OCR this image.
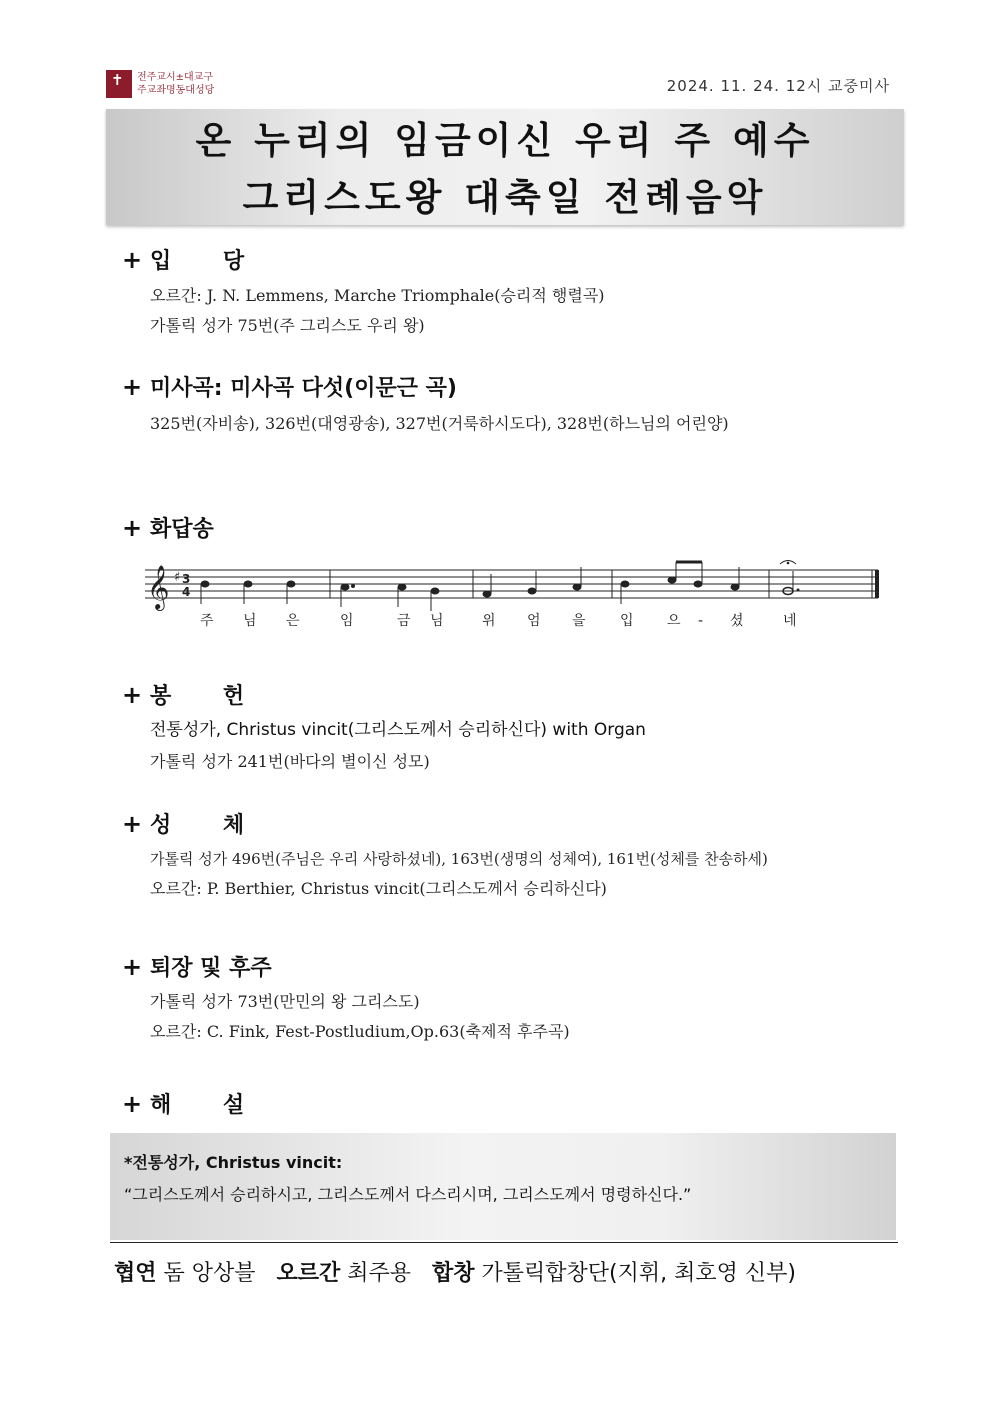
✝ 전주교시±대교구
주교좌명동대성당	2024. 11. 24. 12시 교중미사
온 누리의 임금이신 우리 주 예수
그리스도왕 대축일 전례음악
+ 입 당
오르간: J. N. Lemmens, Marche Triomphale(승리적 행렬곡)
가톨릭 성가 75번(주 그리스도 우리 왕)
+ 미사곡: 미사곡 다섯(이문근 곡)
325번(자비송), 326번(대영광송), 327번(거룩하시도다), 328번(하느님의 어린양)
+ 화답송
𝄞 ♯ 3
4
주 님 은	임	금 님	위 엄 을 입 으 - 셨	네
+ 봉 헌
전통성가, Christus vincit(그리스도께서 승리하신다) with Organ
가톨릭 성가 241번(바다의 별이신 성모)
+ 성 체
가톨릭 성가 496번(주님은 우리 사랑하셨네), 163번(생명의 성체여), 161번(성체를 찬송하세)
오르간: P. Berthier, Christus vincit(그리스도께서 승리하신다)
+ 퇴장 및 후주
가톨릭 성가 73번(만민의 왕 그리스도)
오르간: C. Fink, Fest-Postludium,Op.63(축제적 후주곡)
+ 해 설
*전통성가, Christus vincit:
“그리스도께서 승리하시고, 그리스도께서 다스리시며, 그리스도께서 명령하신다.”
협연 돔 앙상블 오르간 최주용 합창 가톨릭합창단(지휘, 최호영 신부)
